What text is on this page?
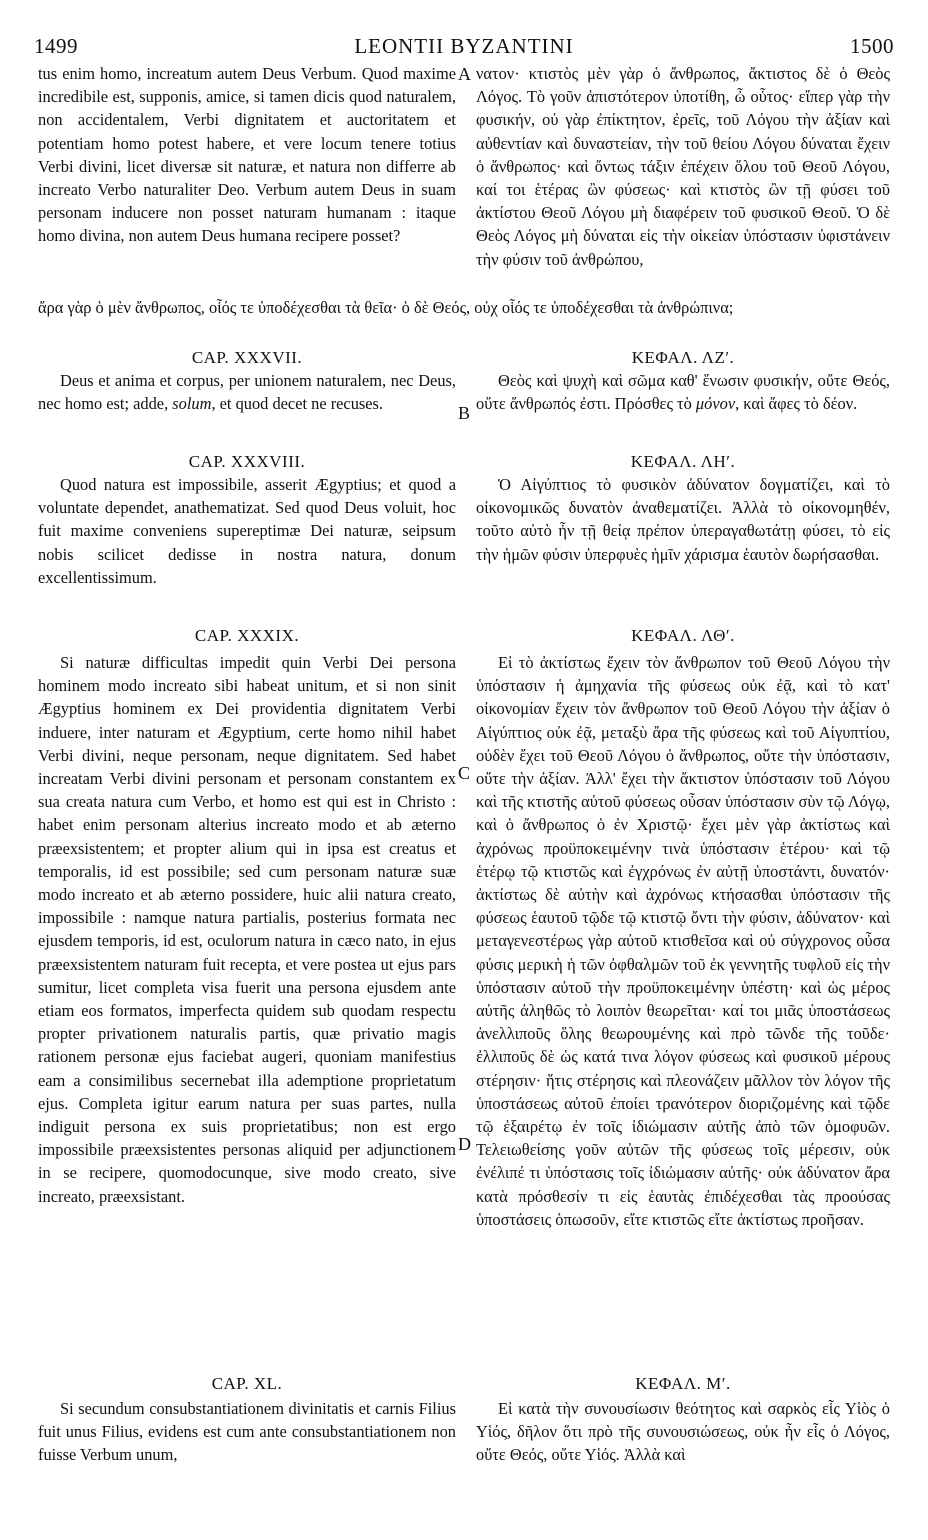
1499	LEONTII BYZANTINI	1500
A
B
C
D

tus enim homo, increatum autem Deus Verbum. Quod maxime incredibile est, supponis, amice, si tamen dicis quod naturalem, non accidentalem, Verbi dignitatem et auctoritatem et potentiam homo potest habere, et vere locum tenere totius Verbi divini, licet diversæ sit naturæ, et natura non differre ab increato Verbo naturaliter Deo. Verbum autem Deus in suam personam inducere non posset naturam humanam : itaque homo divina, non autem Deus humana recipere posset?

νατον· κτιστὸς μὲν γὰρ ὁ ἄνθρωπος, ἄκτιστος δὲ ὁ Θεὸς Λόγος. Τὸ γοῦν ἀπιστότερον ὑποτίθη, ὦ οὗτος· εἴπερ γὰρ τὴν φυσικήν, οὐ γὰρ ἐπίκτητον, ἐρεῖς, τοῦ Λόγου τὴν ἀξίαν καὶ αὐθεντίαν καὶ δυναστείαν, τὴν τοῦ θείου Λόγου δύναται ἔχειν ὁ ἄνθρωπος· καὶ ὄντως τάξιν ἐπέχειν ὅλου τοῦ Θεοῦ Λόγου, καί τοι ἑτέρας ὢν φύσεως· καὶ κτιστὸς ὢν τῇ φύσει τοῦ ἀκτίστου Θεοῦ Λόγου μὴ διαφέρειν τοῦ φυσικοῦ Θεοῦ. Ὁ δὲ Θεὸς Λόγος μὴ δύναται εἰς τὴν οἰκείαν ὑπόστασιν ὑφιστάνειν τὴν φύσιν τοῦ ἀνθρώπου,

ἄρα γὰρ ὁ μὲν ἄνθρωπος, οἷός τε ὑποδέχεσθαι τὰ θεῖα· ὁ δὲ Θεός, οὐχ οἷός τε ὑποδέχεσθαι τὰ ἀνθρώπινα;

CAP. XXXVII.

Deus et anima et corpus, per unionem naturalem, nec Deus, nec homo est; adde, solum, et quod decet ne recuses.

ΚΕΦΑΛ. ΛΖʹ.

Θεὸς καὶ ψυχὴ καὶ σῶμα καθ' ἕνωσιν φυσικήν, οὔτε Θεός, οὔτε ἄνθρωπός ἐστι. Πρόσθες τὸ μόνον, καὶ ἄφες τὸ δέον.

CAP. XXXVIII.

Quod natura est impossibile, asserit Ægyptius; et quod a voluntate dependet, anathematizat. Sed quod Deus voluit, hoc fuit maxime conveniens supereptimæ Dei naturæ, seipsum nobis scilicet dedisse in nostra natura, donum excellentissimum.

ΚΕΦΑΛ. ΛΗʹ.

Ὁ Αἰγύπτιος τὸ φυσικὸν ἀδύνατον δογματίζει, καὶ τὸ οἰκονομικῶς δυνατὸν ἀναθεματίζει. Ἀλλὰ τὸ οἰκονομηθέν, τοῦτο αὐτὸ ἦν τῇ θείᾳ πρέπον ὑπεραγαθωτάτῃ φύσει, τὸ εἰς τὴν ἡμῶν φύσιν ὑπερφυὲς ἡμῖν χάρισμα ἑαυτὸν δωρήσασθαι.

CAP. XXXIX.

Si naturæ difficultas impedit quin Verbi Dei persona hominem modo increato sibi habeat unitum, et si non sinit Ægyptius hominem ex Dei providentia dignitatem Verbi induere, inter naturam et Ægyptium, certe homo nihil habet Verbi divini, neque personam, neque dignitatem. Sed habet increatam Verbi divini personam et personam constantem ex sua creata natura cum Verbo, et homo est qui est in Christo : habet enim personam alterius increato modo et ab æterno præexsistentem; et propter alium qui in ipsa est creatus et temporalis, id est possibile; sed cum personam naturæ suæ modo increato et ab æterno possidere, huic alii natura creato, impossibile : namque natura partialis, posterius formata nec ejusdem temporis, id est, oculorum natura in cæco nato, in ejus præexsistentem naturam fuit recepta, et vere postea ut ejus pars sumitur, licet completa visa fuerit una persona ejusdem ante etiam eos formatos, imperfecta quidem sub quodam respectu propter privationem naturalis partis, quæ privatio magis rationem personæ ejus faciebat augeri, quoniam manifestius eam a consimilibus secernebat illa ademptione proprietatum ejus. Completa igitur earum natura per suas partes, nulla indiguit persona ex suis proprietatibus; non est ergo impossibile præexsistentes personas aliquid per adjunctionem in se recipere, quomodocunque, sive modo creato, sive increato, præexsistant.

ΚΕΦΑΛ. ΛΘʹ.

Εἰ τὸ ἀκτίστως ἔχειν τὸν ἄνθρωπον τοῦ Θεοῦ Λόγου τὴν ὑπόστασιν ἡ ἀμηχανία τῆς φύσεως οὐκ ἐᾷ, καὶ τὸ κατ' οἰκονομίαν ἔχειν τὸν ἄνθρωπον τοῦ Θεοῦ Λόγου τὴν ἀξίαν ὁ Αἰγύπτιος οὐκ ἐᾷ, μεταξὺ ἄρα τῆς φύσεως καὶ τοῦ Αἰγυπτίου, οὐδὲν ἔχει τοῦ Θεοῦ Λόγου ὁ ἄνθρωπος, οὔτε τὴν ὑπόστασιν, οὔτε τὴν ἀξίαν. Ἀλλ' ἔχει τὴν ἄκτιστον ὑπόστασιν τοῦ Λόγου καὶ τῆς κτιστῆς αὐτοῦ φύσεως οὖσαν ὑπόστασιν σὺν τῷ Λόγῳ, καὶ ὁ ἄνθρωπος ὁ ἐν Χριστῷ· ἔχει μὲν γὰρ ἀκτίστως καὶ ἀχρόνως προϋποκειμένην τινὰ ὑπόστασιν ἑτέρου· καὶ τῷ ἑτέρῳ τῷ κτιστῶς καὶ ἐγχρόνως ἐν αὐτῇ ὑποστάντι, δυνατόν· ἀκτίστως δὲ αὐτὴν καὶ ἀχρόνως κτήσασθαι ὑπόστασιν τῆς φύσεως ἑαυτοῦ τῷδε τῷ κτιστῷ ὄντι τὴν φύσιν, ἀδύνατον· καὶ μεταγενεστέρως γὰρ αὐτοῦ κτισθεῖσα καὶ οὐ σύγχρονος οὖσα φύσις μερικὴ ἡ τῶν ὀφθαλμῶν τοῦ ἐκ γεννητῆς τυφλοῦ εἰς τὴν ὑπόστασιν αὐτοῦ τὴν προϋποκειμένην ὑπέστη· καὶ ὡς μέρος αὐτῆς ἀληθῶς τὸ λοιπὸν θεωρεῖται· καί τοι μιᾶς ὑποστάσεως ἀνελλιποῦς ὅλης θεωρουμένης καὶ πρὸ τῶνδε τῆς τοῦδε· ἐλλιποῦς δὲ ὡς κατά τινα λόγον φύσεως καὶ φυσικοῦ μέρους στέρησιν· ἥτις στέρησις καὶ πλεονάζειν μᾶλλον τὸν λόγον τῆς ὑποστάσεως αὐτοῦ ἐποίει τρανότερον διοριζομένης καὶ τῷδε τῷ ἐξαιρέτῳ ἐν τοῖς ἰδιώμασιν αὐτῆς ἀπὸ τῶν ὁμοφυῶν. Τελειωθείσης γοῦν αὐτῶν τῆς φύσεως τοῖς μέρεσιν, οὐκ ἐνέλιπέ τι ὑπόστασις τοῖς ἰδιώμασιν αὐτῆς· οὐκ ἀδύνατον ἄρα κατὰ πρόσθεσίν τι εἰς ἑαυτὰς ἐπιδέχεσθαι τὰς προούσας ὑποστάσεις ὁπωσοῦν, εἴτε κτιστῶς εἴτε ἀκτίστως προῆσαν.

CAP. XL.

Si secundum consubstantiationem divinitatis et carnis Filius fuit unus Filius, evidens est cum ante consubstantiationem non fuisse Verbum unum,

ΚΕΦΑΛ. Μʹ.

Εἰ κατὰ τὴν συνουσίωσιν θεότητος καὶ σαρκὸς εἷς Υἱὸς ὁ Υἱός, δῆλον ὅτι πρὸ τῆς συνουσιώσεως, οὐκ ἦν εἷς ὁ Λόγος, οὔτε Θεός, οὔτε Υἱός. Ἀλλὰ καὶ
